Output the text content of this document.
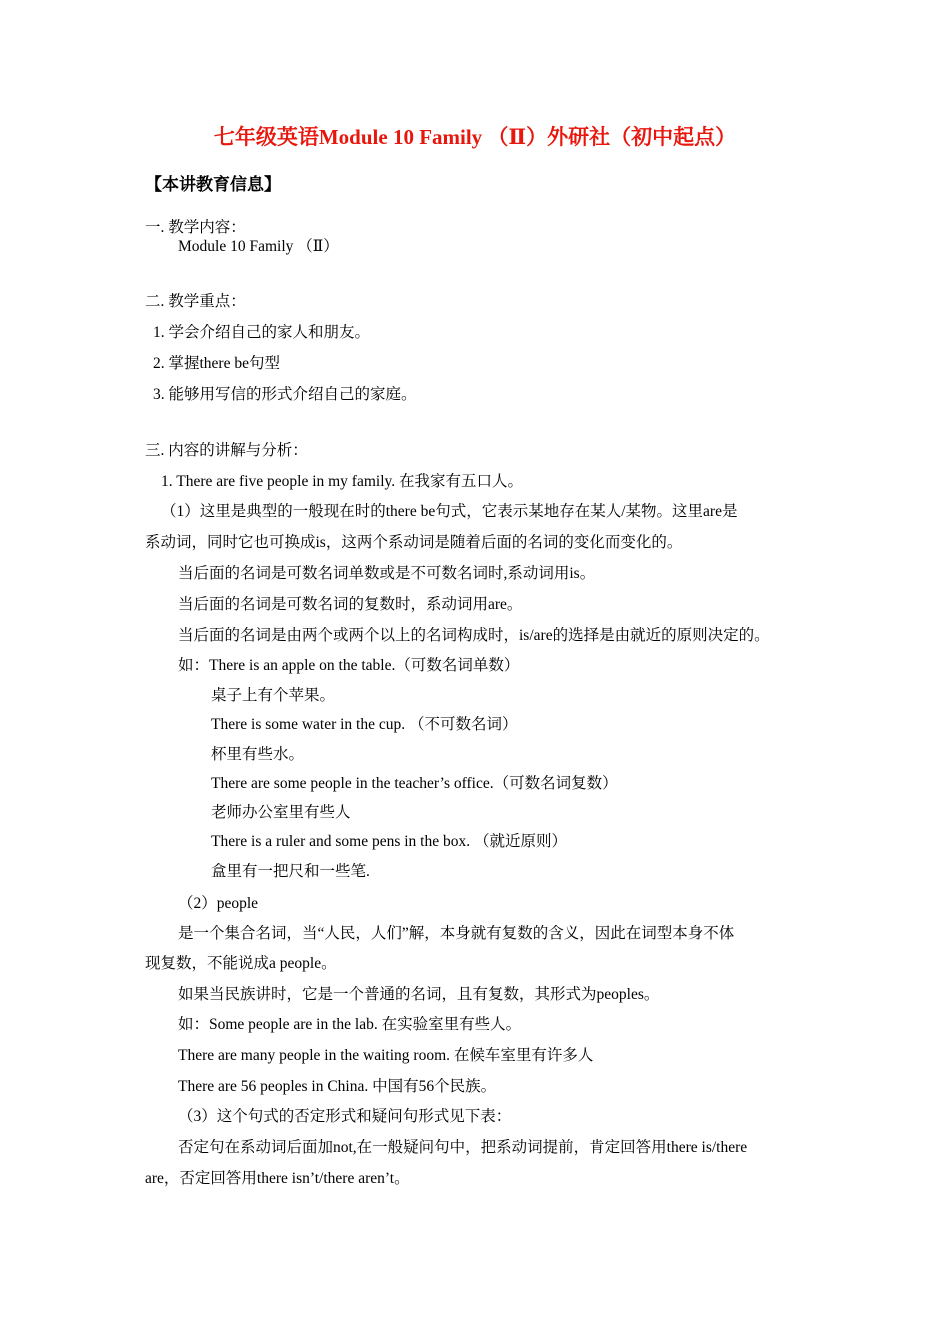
七年级英语Module 10 Family （Ⅱ）外研社（初中起点）
【本讲教育信息】
一. 教学内容：
Module 10 Family （Ⅱ）
二. 教学重点：
1. 学会介绍自己的家人和朋友。
2. 掌握there be句型
3. 能够用写信的形式介绍自己的家庭。
三. 内容的讲解与分析：
1. There are five people in my family. 在我家有五口人。
（1）这里是典型的一般现在时的there be句式，它表示某地存在某人/某物。这里are是
系动词，同时它也可换成is，这两个系动词是随着后面的名词的变化而变化的。
当后面的名词是可数名词单数或是不可数名词时,系动词用is。
当后面的名词是可数名词的复数时，系动词用are。
当后面的名词是由两个或两个以上的名词构成时，is/are的选择是由就近的原则决定的。
如：There is an apple on the table.（可数名词单数）
桌子上有个苹果。
There is some water in the cup. （不可数名词）
杯里有些水。
There are some people in the teacher’s office.（可数名词复数）
老师办公室里有些人
There is a ruler and some pens in the box. （就近原则）
盒里有一把尺和一些笔.
（2）people
是一个集合名词，当“人民，人们”解，本身就有复数的含义，因此在词型本身不体
现复数，不能说成a people。
如果当民族讲时，它是一个普通的名词，且有复数，其形式为peoples。
如：Some people are in the lab. 在实验室里有些人。
There are many people in the waiting room. 在候车室里有许多人
There are 56 peoples in China. 中国有56个民族。
（3）这个句式的否定形式和疑问句形式见下表：
否定句在系动词后面加not,在一般疑问句中，把系动词提前，肯定回答用there is/there
are，否定回答用there isn’t/there aren’t。
